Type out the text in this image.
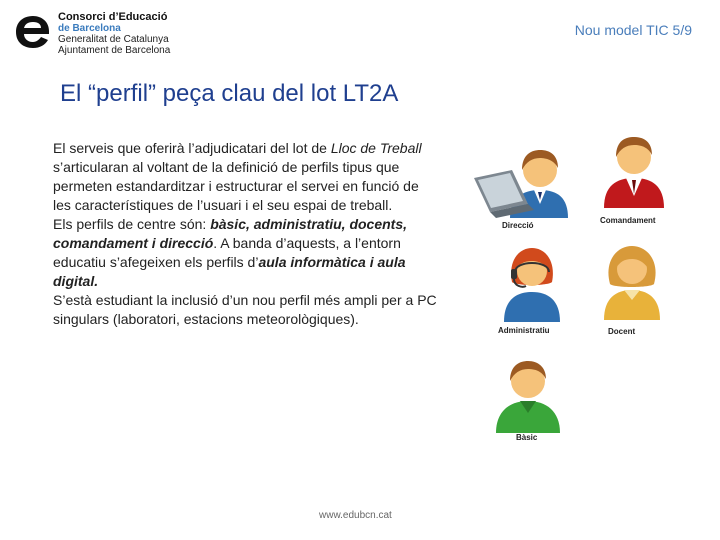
Consorci d’Educació
de Barcelona
Generalitat de Catalunya
Ajuntament de Barcelona
Nou model TIC 5/9
El “perfil” peça clau del lot LT2A

El serveis que oferirà l’adjudicatari del lot de Lloc de Treball s’articularan al voltant de la definició de perfils tipus que permeten estandarditzar i estructurar el servei en funció de les característiques de l’usuari i el seu espai de treball.

Els perfils de centre són: bàsic, administratiu, docents, comandament i direcció. A banda d’aquests, a l’entorn educatiu s’afegeixen els perfils d’aula informàtica i aula digital.

S’està estudiant la inclusió d’un nou perfil més ampli per a PC singulars (laboratori, estacions meteorològiques).

Direcció
Comandament
Administratiu	Docent
Bàsic
www.edubcn.cat
